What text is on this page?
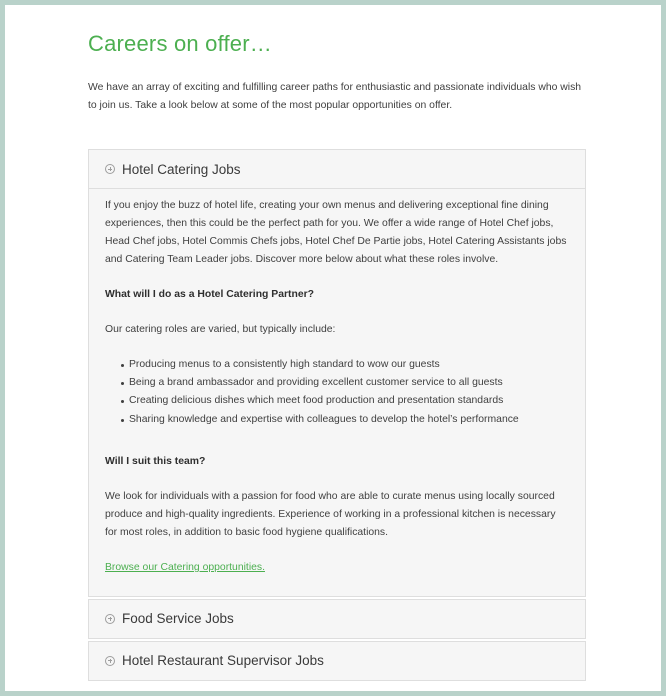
Careers on offer…

We have an array of exciting and fulfilling career paths for enthusiastic and passionate individuals who wish to join us. Take a look below at some of the most popular opportunities on offer.

Hotel Catering Jobs

If you enjoy the buzz of hotel life, creating your own menus and delivering exceptional fine dining experiences, then this could be the perfect path for you. We offer a wide range of Hotel Chef jobs, Head Chef jobs, Hotel Commis Chefs jobs, Hotel Chef De Partie jobs, Hotel Catering Assistants jobs and Catering Team Leader jobs. Discover more below about what these roles involve.

What will I do as a Hotel Catering Partner?

Our catering roles are varied, but typically include:

Producing menus to a consistently high standard to wow our guests
Being a brand ambassador and providing excellent customer service to all guests
Creating delicious dishes which meet food production and presentation standards
Sharing knowledge and expertise with colleagues to develop the hotel’s performance

Will I suit this team?

We look for individuals with a passion for food who are able to curate menus using locally sourced produce and high-quality ingredients. Experience of working in a professional kitchen is necessary for most roles, in addition to basic food hygiene qualifications.

Browse our Catering opportunities.

Food Service Jobs
Hotel Restaurant Supervisor Jobs
